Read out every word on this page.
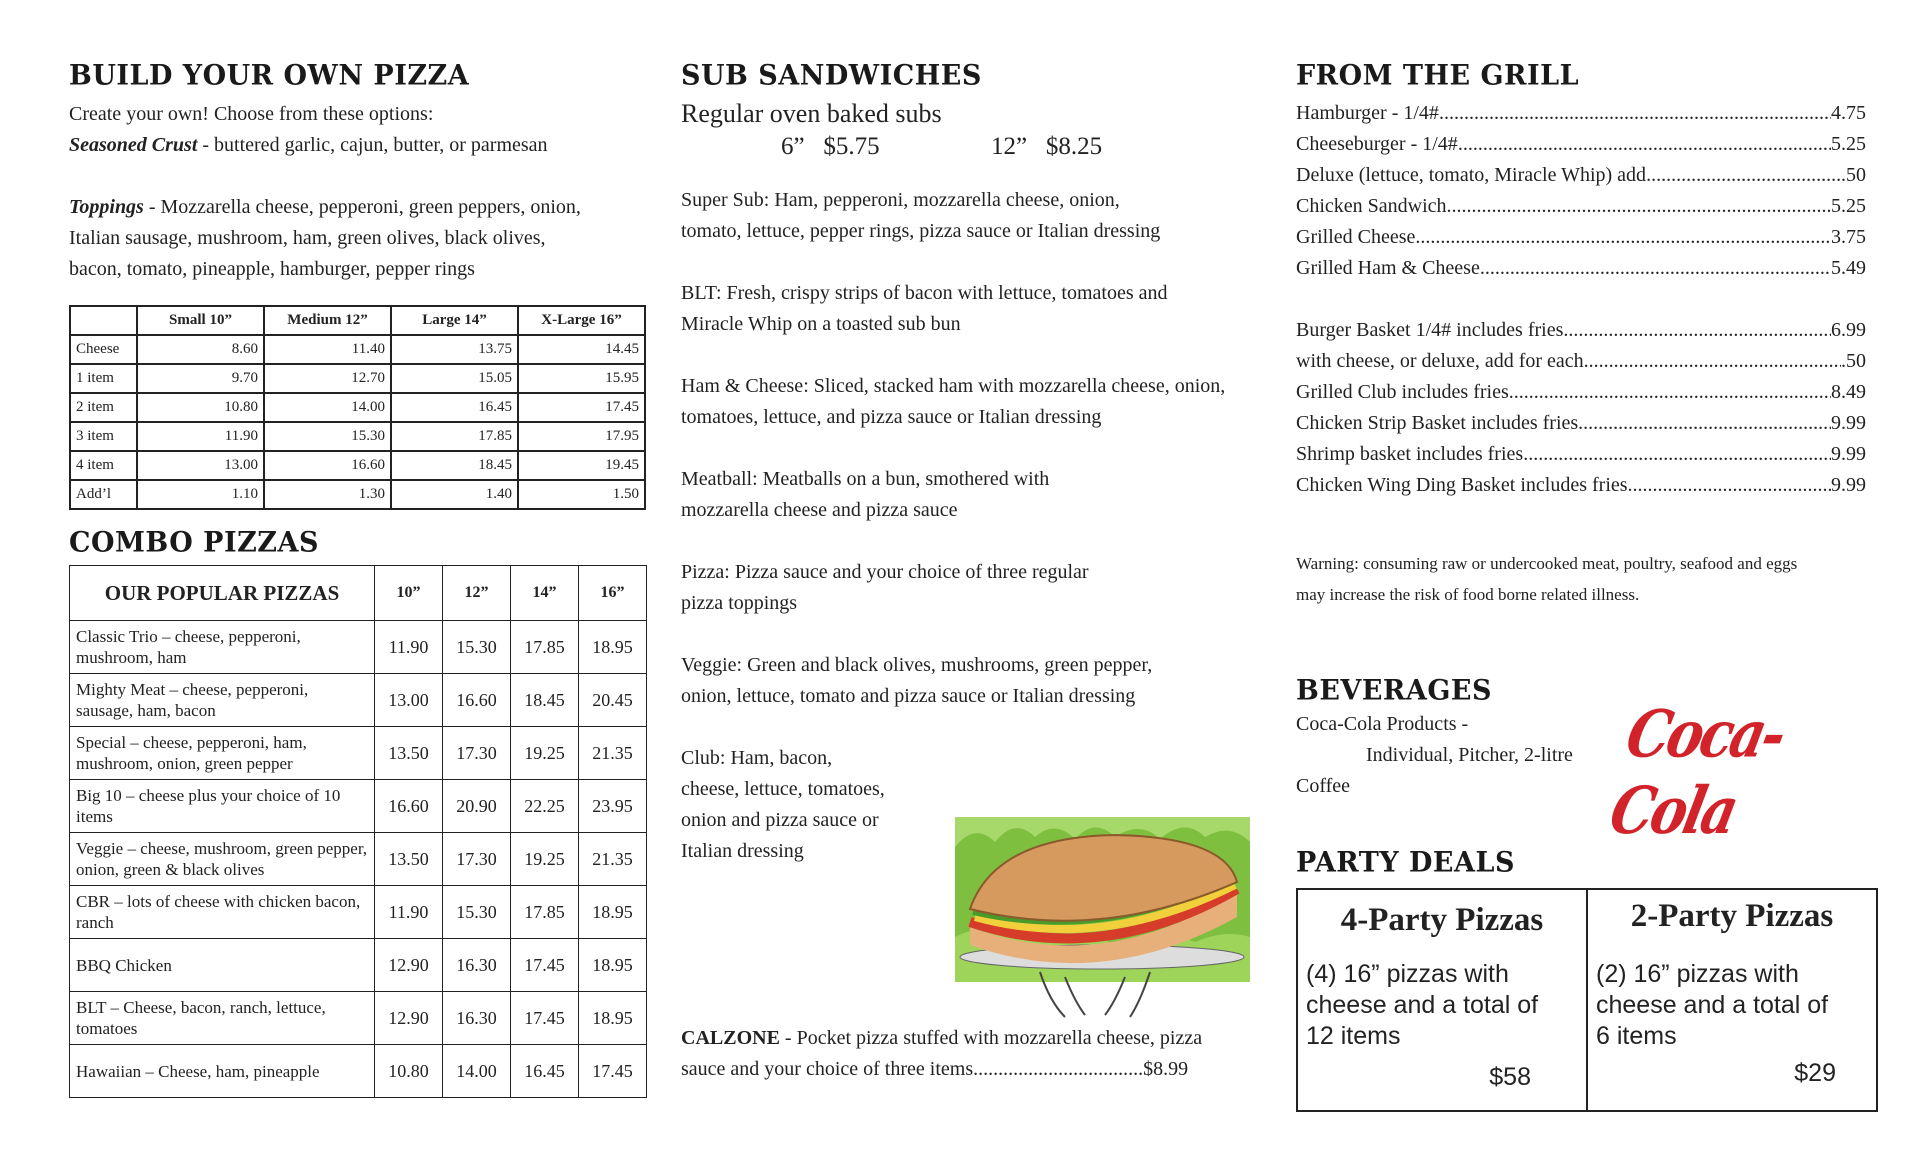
BUILD YOUR OWN PIZZA

Create your own! Choose from these options:

Seasoned Crust - buttered garlic, cajun, butter, or parmesan

Toppings - Mozzarella cheese, pepperoni, green peppers, onion,

Italian sausage, mushroom, ham, green olives, black olives,

bacon, tomato, pineapple, hamburger, pepper rings

	Small 10”	Medium 12”	Large 14”	X-Large 16”
Cheese	8.60	11.40	13.75	14.45
1 item	9.70	12.70	15.05	15.95
2 item	10.80	14.00	16.45	17.45
3 item	11.90	15.30	17.85	17.95
4 item	13.00	16.60	18.45	19.45
Add’l	1.10	1.30	1.40	1.50
COMBO PIZZAS
OUR POPULAR PIZZAS	10”	12”	14”	16”
Classic Trio – cheese, pepperoni, mushroom, ham	11.90	15.30	17.85	18.95
Mighty Meat – cheese, pepperoni, sausage, ham, bacon	13.00	16.60	18.45	20.45
Special – cheese, pepperoni, ham, mushroom, onion, green pepper	13.50	17.30	19.25	21.35
Big 10 – cheese plus your choice of 10 items	16.60	20.90	22.25	23.95
Veggie – cheese, mushroom, green pepper, onion, green & black olives	13.50	17.30	19.25	21.35
CBR – lots of cheese with chicken bacon, ranch	11.90	15.30	17.85	18.95
BBQ Chicken	12.90	16.30	17.45	18.95
BLT – Cheese, bacon, ranch, lettuce, tomatoes	12.90	16.30	17.45	18.95
Hawaiian – Cheese, ham, pineapple	10.80	14.00	16.45	17.45
SUB SANDWICHES

Regular oven baked subs

6”   $5.75	12”   $8.25

Super Sub: Ham, pepperoni, mozzarella cheese, onion,

tomato, lettuce, pepper rings, pizza sauce or Italian dressing

BLT: Fresh, crispy strips of bacon with lettuce, tomatoes and

Miracle Whip on a toasted sub bun

Ham & Cheese: Sliced, stacked ham with mozzarella cheese, onion,

tomatoes, lettuce, and pizza sauce or Italian dressing

Meatball: Meatballs on a bun, smothered with

mozzarella cheese and pizza sauce

Pizza: Pizza sauce and your choice of three regular

pizza toppings

Veggie: Green and black olives, mushrooms, green pepper,

onion, lettuce, tomato and pizza sauce or Italian dressing

Club: Ham, bacon,

cheese, lettuce, tomatoes,

onion and pizza sauce or

Italian dressing

CALZONE - Pocket pizza stuffed with mozzarella cheese, pizza

sauce and your choice of three items..................................$8.99

FROM THE GRILL
Hamburger - 1/4# .....	4.75
Cheeseburger - 1/4# .....	5.25
Deluxe (lettuce, tomato, Miracle Whip) add .....	.50
Chicken Sandwich .....	5.25
Grilled Cheese .....	3.75
Grilled Ham & Cheese .....	5.49
Burger Basket 1/4# includes fries .....	6.99
with cheese, or deluxe, add for each .....	.50
Grilled Club includes fries .....	8.49
Chicken Strip Basket includes fries .....	9.99
Shrimp basket includes fries .....	9.99
Chicken Wing Ding Basket includes fries .....	9.99
Warning: consuming raw or undercooked meat, poultry, seafood and eggs
may increase the risk of food borne related illness.
BEVERAGES
Coca-Cola Products -
Individual, Pitcher, 2-litre
Coffee
Coca-Cola
PARTY DEALS
4-Party Pizzas
(4) 16” pizzas with
cheese and a total of
12 items
$58
2-Party Pizzas
(2) 16” pizzas with
cheese and a total of
6 items
$29
